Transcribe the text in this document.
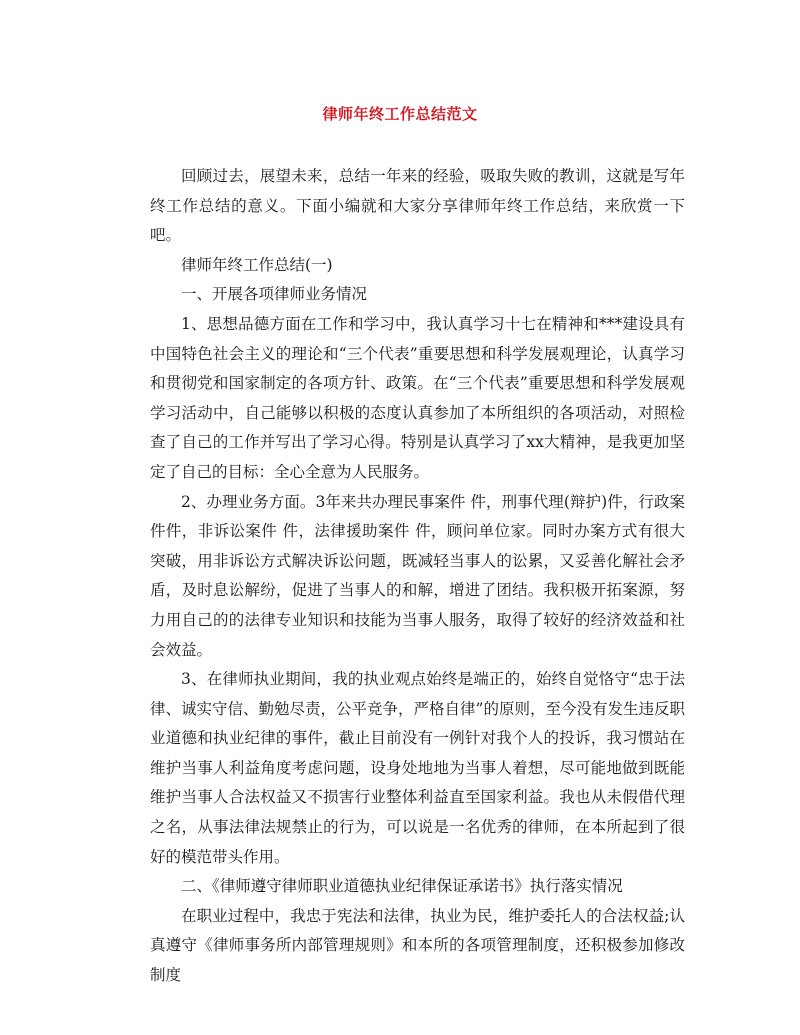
律师年终工作总结范文

回顾过去，展望未来，总结一年来的经验，吸取失败的教训，这就是写年终工作总结的意义。下面小编就和大家分享律师年终工作总结，来欣赏一下吧。

律师年终工作总结(一)

一、开展各项律师业务情况

1、思想品德方面在工作和学习中，我认真学习十七在精神和***建设具有中国特色社会主义的理论和“三个代表”重要思想和科学发展观理论，认真学习和贯彻党和国家制定的各项方针、政策。在“三个代表”重要思想和科学发展观学习活动中，自己能够以积极的态度认真参加了本所组织的各项活动，对照检查了自己的工作并写出了学习心得。特别是认真学习了xx大精神，是我更加坚定了自己的目标：全心全意为人民服务。

2、办理业务方面。3年来共办理民事案件 件，刑事代理(辩护)件，行政案件件，非诉讼案件 件，法律援助案件 件，顾问单位家。同时办案方式有很大突破，用非诉讼方式解决诉讼问题，既减轻当事人的讼累，又妥善化解社会矛盾，及时息讼解纷，促进了当事人的和解，增进了团结。我积极开拓案源，努力用自己的的法律专业知识和技能为当事人服务，取得了较好的经济效益和社会效益。

3、在律师执业期间，我的执业观点始终是端正的，始终自觉恪守“忠于法律、诚实守信、勤勉尽责，公平竞争，严格自律”的原则，至今没有发生违反职业道德和执业纪律的事件，截止目前没有一例针对我个人的投诉，我习惯站在维护当事人利益角度考虑问题，设身处地地为当事人着想，尽可能地做到既能维护当事人合法权益又不损害行业整体利益直至国家利益。我也从未假借代理之名，从事法律法规禁止的行为，可以说是一名优秀的律师，在本所起到了很好的模范带头作用。

二、《律师遵守律师职业道德执业纪律保证承诺书》执行落实情况

在职业过程中，我忠于宪法和法律，执业为民，维护委托人的合法权益;认真遵守《律师事务所内部管理规则》和本所的各项管理制度，还积极参加修改制度
